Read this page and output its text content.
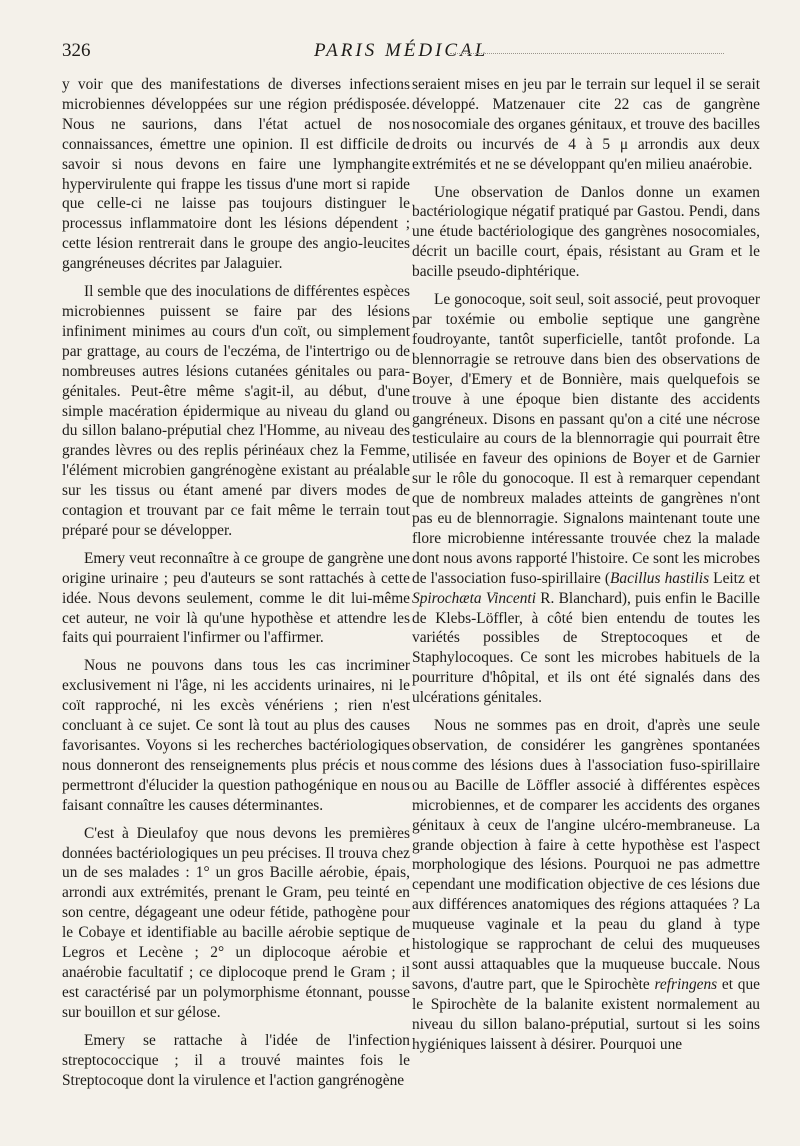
326	PARIS MÉDICAL

y voir que des manifestations de diverses infections microbiennes développées sur une région prédisposée. Nous ne saurions, dans l'état actuel de nos connaissances, émettre une opinion. Il est difficile de savoir si nous devons en faire une lymphangite hypervirulente qui frappe les tissus d'une mort si rapide que celle-ci ne laisse pas toujours distinguer le processus inflammatoire dont les lésions dépendent ; cette lésion rentrerait dans le groupe des angio-leucites gangréneuses décrites par Jalaguier.

Il semble que des inoculations de différentes espèces microbiennes puissent se faire par des lésions infiniment minimes au cours d'un coït, ou simplement par grattage, au cours de l'eczéma, de l'intertrigo ou de nombreuses autres lésions cutanées génitales ou para-génitales. Peut-être même s'agit-il, au début, d'une simple macération épidermique au niveau du gland ou du sillon balano-préputial chez l'Homme, au niveau des grandes lèvres ou des replis périnéaux chez la Femme, l'élément microbien gangrénogène existant au préalable sur les tissus ou étant amené par divers modes de contagion et trouvant par ce fait même le terrain tout préparé pour se développer.

Emery veut reconnaître à ce groupe de gangrène une origine urinaire ; peu d'auteurs se sont rattachés à cette idée. Nous devons seulement, comme le dit lui-même cet auteur, ne voir là qu'une hypothèse et attendre les faits qui pourraient l'infirmer ou l'affirmer.

Nous ne pouvons dans tous les cas incriminer exclusivement ni l'âge, ni les accidents urinaires, ni le coït rapproché, ni les excès vénériens ; rien n'est concluant à ce sujet. Ce sont là tout au plus des causes favorisantes. Voyons si les recherches bactériologiques nous donneront des renseignements plus précis et nous permettront d'élucider la question pathogénique en nous faisant connaître les causes déterminantes.

C'est à Dieulafoy que nous devons les premières données bactériologiques un peu précises. Il trouva chez un de ses malades : 1° un gros Bacille aérobie, épais, arrondi aux extrémités, prenant le Gram, peu teinté en son centre, dégageant une odeur fétide, pathogène pour le Cobaye et identifiable au bacille aérobie septique de Legros et Lecène ; 2° un diplocoque aérobie et anaérobie facultatif ; ce diplocoque prend le Gram ; il est caractérisé par un polymorphisme étonnant, pousse sur bouillon et sur gélose.

Emery se rattache à l'idée de l'infection streptococcique ; il a trouvé maintes fois le Streptocoque dont la virulence et l'action gangrénogène

seraient mises en jeu par le terrain sur lequel il se serait développé. Matzenauer cite 22 cas de gangrène nosocomiale des organes génitaux, et trouve des bacilles droits ou incurvés de 4 à 5 μ arrondis aux deux extrémités et ne se développant qu'en milieu anaérobie.

Une observation de Danlos donne un examen bactériologique négatif pratiqué par Gastou. Pendi, dans une étude bactériologique des gangrènes nosocomiales, décrit un bacille court, épais, résistant au Gram et le bacille pseudo-diphtérique.

Le gonocoque, soit seul, soit associé, peut provoquer par toxémie ou embolie septique une gangrène foudroyante, tantôt superficielle, tantôt profonde. La blennorragie se retrouve dans bien des observations de Boyer, d'Emery et de Bonnière, mais quelquefois se trouve à une époque bien distante des accidents gangréneux. Disons en passant qu'on a cité une nécrose testiculaire au cours de la blennorragie qui pourrait être utilisée en faveur des opinions de Boyer et de Garnier sur le rôle du gonocoque. Il est à remarquer cependant que de nombreux malades atteints de gangrènes n'ont pas eu de blennorragie. Signalons maintenant toute une flore microbienne intéressante trouvée chez la malade dont nous avons rapporté l'histoire. Ce sont les microbes de l'association fuso-spirillaire (Bacillus hastilis Leitz et Spirochæta Vincenti R. Blanchard), puis enfin le Bacille de Klebs-Löffler, à côté bien entendu de toutes les variétés possibles de Streptocoques et de Staphylocoques. Ce sont les microbes habituels de la pourriture d'hôpital, et ils ont été signalés dans des ulcérations génitales.

Nous ne sommes pas en droit, d'après une seule observation, de considérer les gangrènes spontanées comme des lésions dues à l'association fuso-spirillaire ou au Bacille de Löffler associé à différentes espèces microbiennes, et de comparer les accidents des organes génitaux à ceux de l'angine ulcéro-membraneuse. La grande objection à faire à cette hypothèse est l'aspect morphologique des lésions. Pourquoi ne pas admettre cependant une modification objective de ces lésions due aux différences anatomiques des régions attaquées ? La muqueuse vaginale et la peau du gland à type histologique se rapprochant de celui des muqueuses sont aussi attaquables que la muqueuse buccale. Nous savons, d'autre part, que le Spirochète refringens et que le Spirochète de la balanite existent normalement au niveau du sillon balano-préputial, surtout si les soins hygiéniques laissent à désirer. Pourquoi une
